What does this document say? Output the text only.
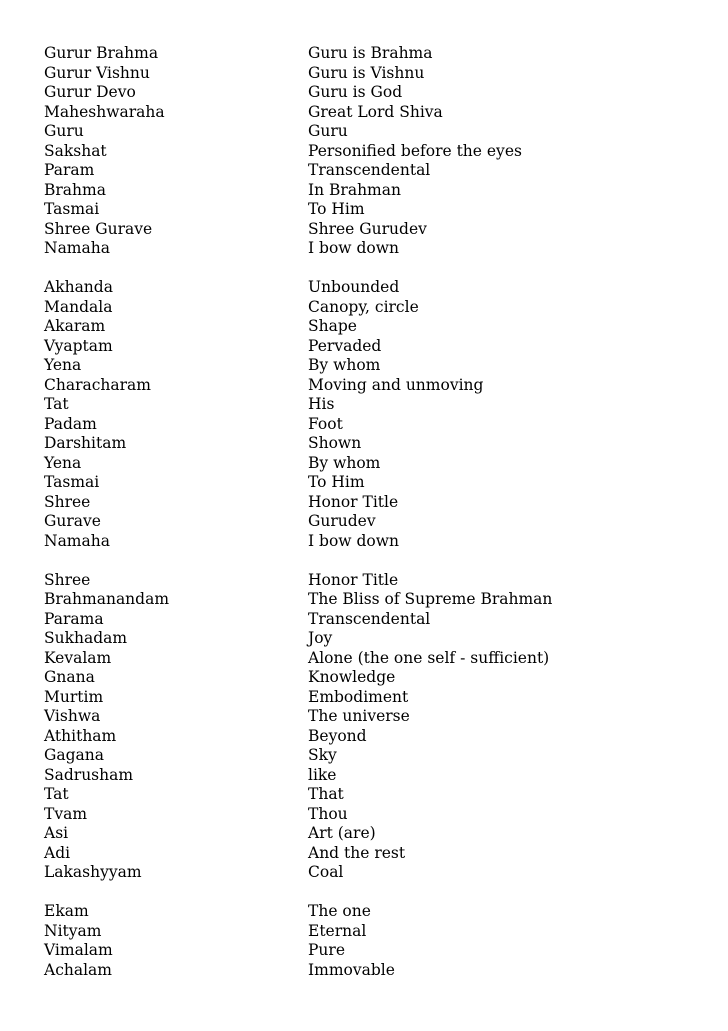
Gurur Brahma	Guru is Brahma
Gurur Vishnu	Guru is Vishnu
Gurur Devo	Guru is God
Maheshwaraha	Great Lord Shiva
Guru	Guru
Sakshat	Personified before the eyes
Param	Transcendental
Brahma	In Brahman
Tasmai	To Him
Shree Gurave	Shree Gurudev
Namaha	I bow down
Akhanda	Unbounded
Mandala	Canopy, circle
Akaram	Shape
Vyaptam	Pervaded
Yena	By whom
Characharam	Moving and unmoving
Tat	His
Padam	Foot
Darshitam	Shown
Yena	By whom
Tasmai	To Him
Shree	Honor Title
Gurave	Gurudev
Namaha	I bow down
Shree	Honor Title
Brahmanandam	The Bliss of Supreme Brahman
Parama	Transcendental
Sukhadam	Joy
Kevalam	Alone (the one self - sufficient)
Gnana	Knowledge
Murtim	Embodiment
Vishwa	The universe
Athitham	Beyond
Gagana	Sky
Sadrusham	like
Tat	That
Tvam	Thou
Asi	Art (are)
Adi	And the rest
Lakashyyam	Coal
Ekam	The one
Nityam	Eternal
Vimalam	Pure
Achalam	Immovable
